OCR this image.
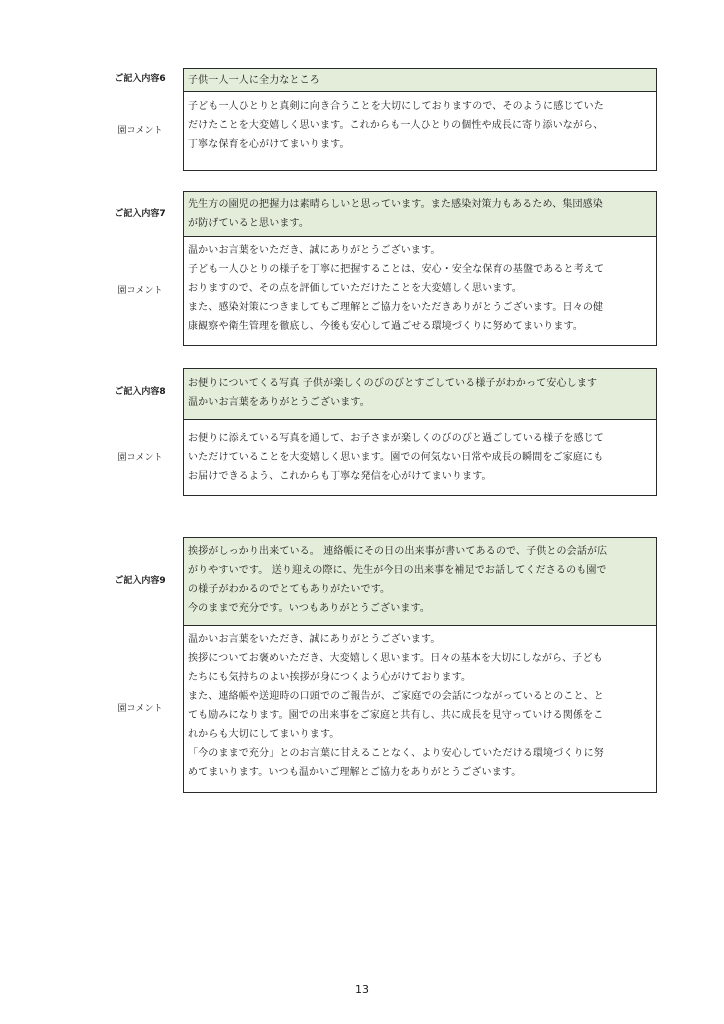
ご記入内容6	子供一人一人に全力なところ
園コメント
子ども一人ひとりと真剣に向き合うことを大切にしておりますので、そのように感じていた
だけたことを大変嬉しく思います。これからも一人ひとりの個性や成長に寄り添いながら、
丁寧な保育を心がけてまいります。
ご記入内容7
先生方の園児の把握力は素晴らしいと思っています。また感染対策力もあるため、集団感染
が防げていると思います。
園コメント
温かいお言葉をいただき、誠にありがとうございます。
子ども一人ひとりの様子を丁寧に把握することは、安心・安全な保育の基盤であると考えて
おりますので、その点を評価していただけたことを大変嬉しく思います。
また、感染対策につきましてもご理解とご協力をいただきありがとうございます。日々の健
康観察や衛生管理を徹底し、今後も安心して過ごせる環境づくりに努めてまいります。
ご記入内容8
お便りについてくる写真 子供が楽しくのびのびとすごしている様子がわかって安心します
温かいお言葉をありがとうございます。
園コメント
お便りに添えている写真を通して、お子さまが楽しくのびのびと過ごしている様子を感じて
いただけていることを大変嬉しく思います。園での何気ない日常や成長の瞬間をご家庭にも
お届けできるよう、これからも丁寧な発信を心がけてまいります。
ご記入内容9
挨拶がしっかり出来ている。 連絡帳にその日の出来事が書いてあるので、子供との会話が広
がりやすいです。 送り迎えの際に、先生が今日の出来事を補足でお話してくださるのも園で
の様子がわかるのでとてもありがたいです。
今のままで充分です。いつもありがとうございます。
園コメント
温かいお言葉をいただき、誠にありがとうございます。
挨拶についてお褒めいただき、大変嬉しく思います。日々の基本を大切にしながら、子ども
たちにも気持ちのよい挨拶が身につくよう心がけております。
また、連絡帳や送迎時の口頭でのご報告が、ご家庭での会話につながっているとのこと、と
ても励みになります。園での出来事をご家庭と共有し、共に成長を見守っていける関係をこ
れからも大切にしてまいります。
「今のままで充分」とのお言葉に甘えることなく、より安心していただける環境づくりに努
めてまいります。いつも温かいご理解とご協力をありがとうございます。
13
